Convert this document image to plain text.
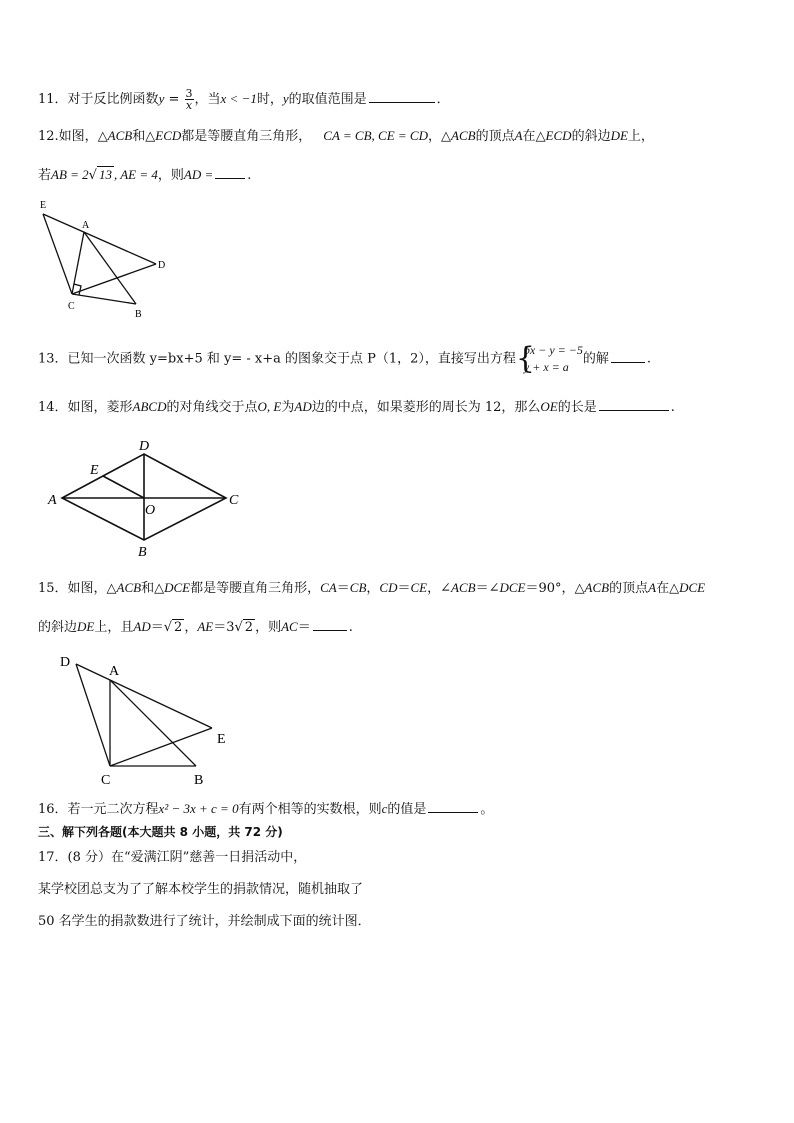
11．对于反比例函数$y = \frac{3}{x}$ ，当x < −1时，y的取值范围是	．
12.如图，△ACB和△ECD都是等腰直角三角形， CA = CB, CE = CD，△ACB的顶点A在△ECD的斜边DE上，
若AB = 2√ 13 , AE = 4，则AD =	.
E
A
D
C
B
13．已知一次函数 y=bx+5 和 y= - x+a 的图象交于点 P（1，2），直接写出方程 {
bx − y = −5
y + x = a
的解	.
14．如图，菱形ABCD的对角线交于点O, E为AD边的中点，如果菱形的周长为 12，那么OE的长是	.
A
D
C
B
E
O
15．如图，△ACB和△DCE都是等腰直角三角形，CA＝CB，CD＝CE，∠ACB＝∠DCE＝90°，△ACB的顶点A在△DCE
的斜边DE上，且AD＝√ 2 ，AE＝3√ 2 ，则AC＝	.
D
A
E
C	B
16．若一元二次方程x² − 3x + c = 0有两个相等的实数根，则c的值是	。
三、解下列各题(本大题共 8 小题，共 72 分)
17．(8 分）在“爱满江阴”慈善一日捐活动中，
某学校团总支为了了解本校学生的捐款情况，随机抽取了
50 名学生的捐款数进行了统计，并绘制成下面的统计图．
